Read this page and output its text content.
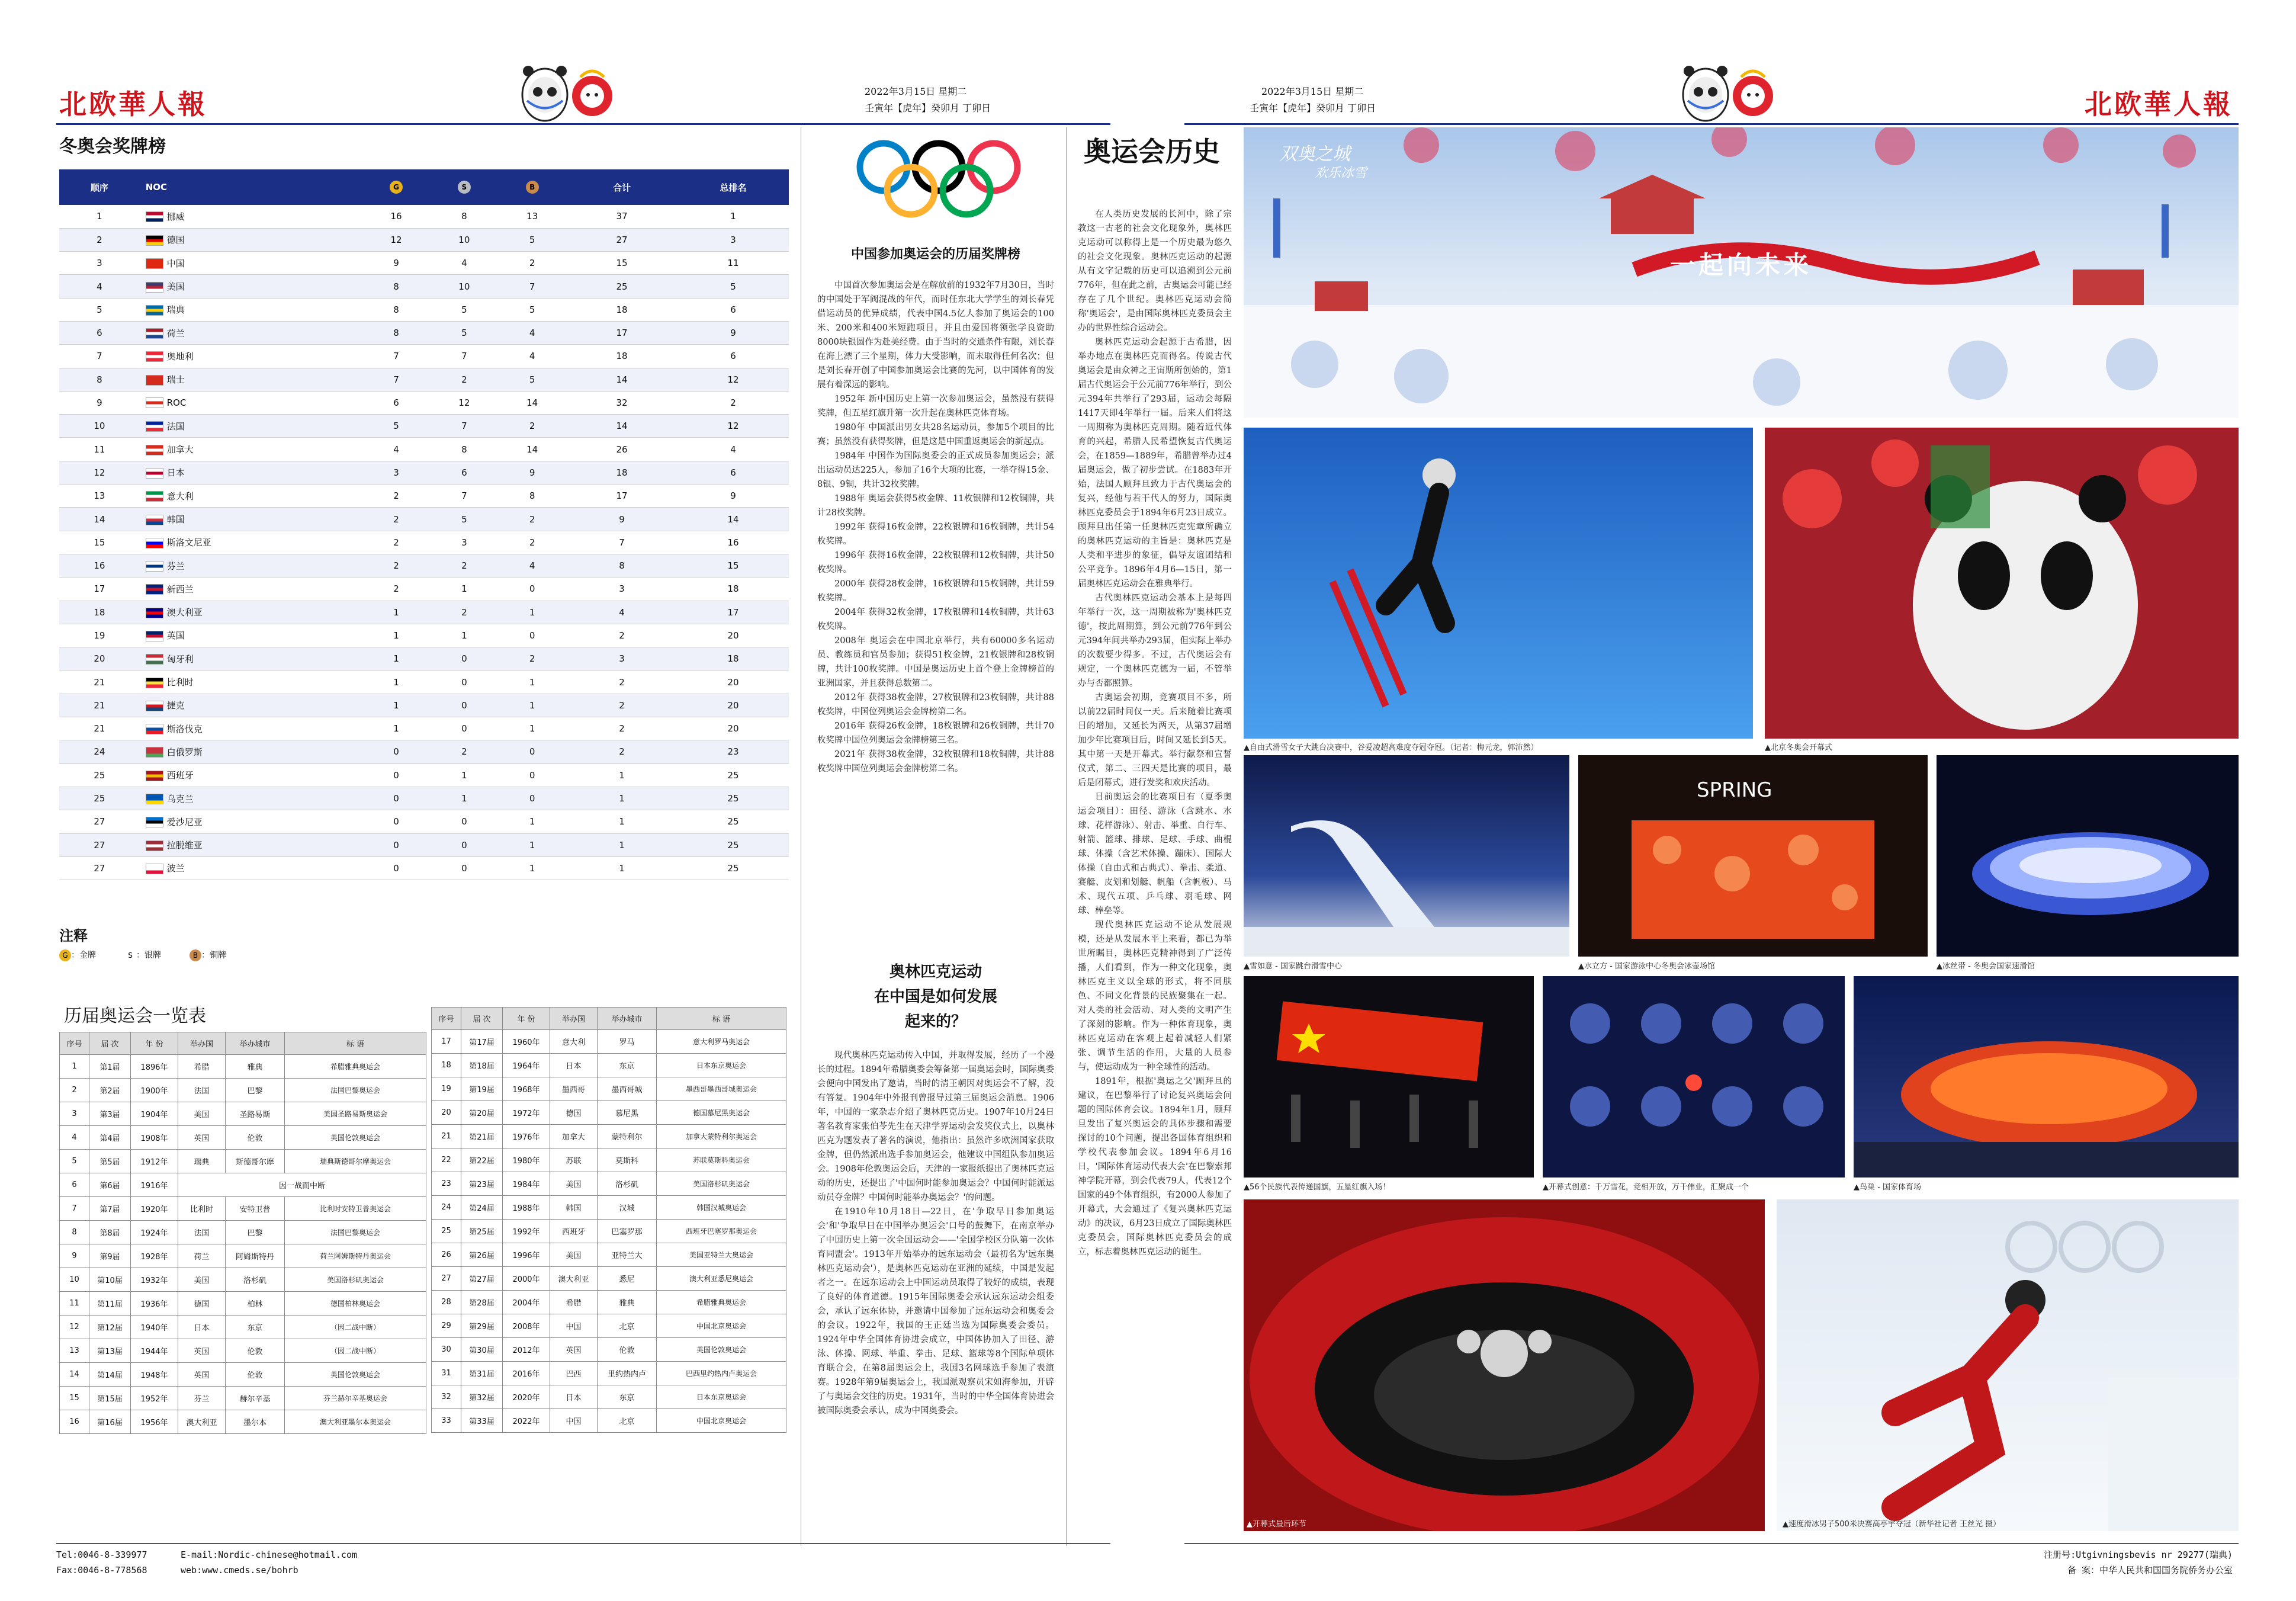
北欧華人報	2022年3月15日 星期二
壬寅年【虎年】癸卯月 丁卯日
2022年3月15日 星期二
壬寅年【虎年】癸卯月 丁卯日	北欧華人報
冬奥会奖牌榜
顺序	NOC	G	S	B	合计	总排名
1	挪威	16	8	13	37	1
2	德国	12	10	5	27	3
3	中国	9	4	2	15	11
4	美国	8	10	7	25	5
5	瑞典	8	5	5	18	6
6	荷兰	8	5	4	17	9
7	奥地利	7	7	4	18	6
8	瑞士	7	2	5	14	12
9	ROC	6	12	14	32	2
10	法国	5	7	2	14	12
11	加拿大	4	8	14	26	4
12	日本	3	6	9	18	6
13	意大利	2	7	8	17	9
14	韩国	2	5	2	9	14
15	斯洛文尼亚	2	3	2	7	16
16	芬兰	2	2	4	8	15
17	新西兰	2	1	0	3	18
18	澳大利亚	1	2	1	4	17
19	英国	1	1	0	2	20
20	匈牙利	1	0	2	3	18
21	比利时	1	0	1	2	20
21	捷克	1	0	1	2	20
21	斯洛伐克	1	0	1	2	20
24	白俄罗斯	0	2	0	2	23
25	西班牙	0	1	0	1	25
25	乌克兰	0	1	0	1	25
27	爱沙尼亚	0	0	1	1	25
27	拉脱维亚	0	0	1	1	25
27	波兰	0	0	1	1	25
注释
G ：金牌	S ：银牌	B ：铜牌
历届奥运会一览表
序号	届 次	年 份	举办国	举办城市	标 语
1	第1届	1896年	希腊	雅典	希腊雅典奥运会
2	第2届	1900年	法国	巴黎	法国巴黎奥运会
3	第3届	1904年	美国	圣路易斯	美国圣路易斯奥运会
4	第4届	1908年	英国	伦敦	英国伦敦奥运会
5	第5届	1912年	瑞典	斯德哥尔摩	瑞典斯德哥尔摩奥运会
6	第6届	1916年	因一战而中断		
7	第7届	1920年	比利时	安特卫普	比利时安特卫普奥运会
8	第8届	1924年	法国	巴黎	法国巴黎奥运会
9	第9届	1928年	荷兰	阿姆斯特丹	荷兰阿姆斯特丹奥运会
10	第10届	1932年	美国	洛杉矶	美国洛杉矶奥运会
11	第11届	1936年	德国	柏林	德国柏林奥运会
12	第12届	1940年	日本	东京	（因二战中断）
13	第13届	1944年	英国	伦敦	（因二战中断）
14	第14届	1948年	英国	伦敦	英国伦敦奥运会
15	第15届	1952年	芬兰	赫尔辛基	芬兰赫尔辛基奥运会
16	第16届	1956年	澳大利亚	墨尔本	澳大利亚墨尔本奥运会
序号	届 次	年 份	举办国	举办城市	标 语
17	第17届	1960年	意大利	罗马	意大利罗马奥运会
18	第18届	1964年	日本	东京	日本东京奥运会
19	第19届	1968年	墨西哥	墨西哥城	墨西哥墨西哥城奥运会
20	第20届	1972年	德国	慕尼黑	德国慕尼黑奥运会
21	第21届	1976年	加拿大	蒙特利尔	加拿大蒙特利尔奥运会
22	第22届	1980年	苏联	莫斯科	苏联莫斯科奥运会
23	第23届	1984年	美国	洛杉矶	美国洛杉矶奥运会
24	第24届	1988年	韩国	汉城	韩国汉城奥运会
25	第25届	1992年	西班牙	巴塞罗那	西班牙巴塞罗那奥运会
26	第26届	1996年	美国	亚特兰大	美国亚特兰大奥运会
27	第27届	2000年	澳大利亚	悉尼	澳大利亚悉尼奥运会
28	第28届	2004年	希腊	雅典	希腊雅典奥运会
29	第29届	2008年	中国	北京	中国北京奥运会
30	第30届	2012年	英国	伦敦	英国伦敦奥运会
31	第31届	2016年	巴西	里约热内卢	巴西里约热内卢奥运会
32	第32届	2020年	日本	东京	日本东京奥运会
33	第33届	2022年	中国	北京	中国北京奥运会
中国参加奥运会的历届奖牌榜

中国首次参加奥运会是在解放前的1932年7月30日，当时的中国处于军阀混战的年代，而时任东北大学学生的刘长春凭借运动员的优异成绩，代表中国4.5亿人参加了奥运会的100米、200米和400米短跑项目，并且由爱国将领张学良资助8000块银圆作为赴美经费。由于当时的交通条件有限，刘长春在海上漂了三个星期，体力大受影响，而未取得任何名次；但是刘长春开创了中国参加奥运会比赛的先河，以中国体育的发展有着深远的影响。

1952年 新中国历史上第一次参加奥运会，虽然没有获得奖牌，但五星红旗升第一次升起在奥林匹克体育场。

1980年 中国派出男女共28名运动员，参加5个项目的比赛；虽然没有获得奖牌，但是这是中国重返奥运会的新起点。

1984年 中国作为国际奥委会的正式成员参加奥运会；派出运动员达225人，参加了16个大项的比赛，一举夺得15金、8银、9铜，共计32枚奖牌。

1988年 奥运会获得5枚金牌、11枚银牌和12枚铜牌，共计28枚奖牌。

1992年 获得16枚金牌，22枚银牌和16枚铜牌，共计54枚奖牌。

1996年 获得16枚金牌，22枚银牌和12枚铜牌，共计50枚奖牌。

2000年 获得28枚金牌，16枚银牌和15枚铜牌，共计59枚奖牌。

2004年 获得32枚金牌，17枚银牌和14枚铜牌，共计63枚奖牌。

2008年 奥运会在中国北京举行，共有60000多名运动员、教练员和官员参加；获得51枚金牌，21枚银牌和28枚铜牌，共计100枚奖牌。中国是奥运历史上首个登上金牌榜首的亚洲国家，并且获得总数第二。

2012年 获得38枚金牌，27枚银牌和23枚铜牌，共计88枚奖牌，中国位列奥运会金牌榜第二名。

2016年 获得26枚金牌，18枚银牌和26枚铜牌，共计70枚奖牌中国位列奥运会金牌榜第三名。

2021年 获得38枚金牌，32枚银牌和18枚铜牌，共计88枚奖牌中国位列奥运会金牌榜第二名。

奥林匹克运动
在中国是如何发展
起来的？

现代奥林匹克运动传入中国，并取得发展，经历了一个漫长的过程。1894年希腊奥委会筹备第一届奥运会时，国际奥委会便向中国发出了邀请，当时的清王朝因对奥运会不了解，没有答复。1904年中外报刊曾报导过第三届奥运会消息。1906年，中国的一家杂志介绍了奥林匹克历史。1907年10月24日著名教育家张伯苓先生在天津学界运动会发奖仪式上，以奥林匹克为题发表了著名的演说，他指出：虽然许多欧洲国家获取金牌，但仍然派出选手参加奥运会，他建议中国组队参加奥运会。1908年伦敦奥运会后，天津的一家报纸提出了奥林匹克运动的历史，还提出了'中国何时能参加奥运会？中国何时能派运动员夺金牌？中国何时能举办奥运会？'的问题。

在1910年10月18日—22日，在'争取早日参加奥运会'和'争取早日在中国举办奥运会'口号的鼓舞下，在南京举办了中国历史上第一次全国运动会——'全国学校区分队第一次体育同盟会'。1913年开始举办的远东运动会（最初名为'远东奥林匹克运动会'），是奥林匹克运动在亚洲的延续，中国是发起者之一。在远东运动会上中国运动员取得了较好的成绩，表现了良好的体育道德。1915年国际奥委会承认远东运动会组委会，承认了远东体协，并邀请中国参加了远东运动会和奥委会的会议。1922年，我国的王正廷当选为国际奥委会委员。1924年中华全国体育协进会成立，中国体协加入了田径、游泳、体操、网球、举重、拳击、足球、篮球等8个国际单项体育联合会，在第8届奥运会上，我国3名网球选手参加了表演赛。1928年第9届奥运会上，我国派观察员宋如海参加，开辟了与奥运会交往的历史。1931年，当时的中华全国体育协进会被国际奥委会承认，成为中国奥委会。

奥运会历史

在人类历史发展的长河中，除了宗教这一古老的社会文化现象外，奥林匹克运动可以称得上是一个历史最为悠久的社会文化现象。奥林匹克运动的起源从有文字记载的历史可以追溯到公元前776年，但在此之前，古奥运会可能已经存在了几个世纪。奥林匹克运动会简称'奥运会'，是由国际奥林匹克委员会主办的世界性综合运动会。

奥林匹克运动会起源于古希腊，因举办地点在奥林匹克而得名。传说古代奥运会是由众神之王宙斯所创始的，第1届古代奥运会于公元前776年举行，到公元394年共举行了293届，运动会每隔1417天即4年举行一届。后来人们将这一周期称为奥林匹克周期。随着近代体育的兴起，希腊人民希望恢复古代奥运会，在1859—1889年，希腊曾举办过4届奥运会，做了初步尝试。在1883年开始，法国人顾拜旦致力于古代奥运会的复兴，经他与若干代人的努力，国际奥林匹克委员会于1894年6月23日成立。顾拜旦出任第一任奥林匹克宪章所确立的奥林匹克运动的主旨是：奥林匹克是人类和平进步的象征，倡导友谊团结和公平竞争。1896年4月6—15日，第一届奥林匹克运动会在雅典举行。

古代奥林匹克运动会基本上是每四年举行一次，这一周期被称为'奥林匹克德'，按此周期算，到公元前776年到公元394年间共举办293届，但实际上举办的次数要少得多。不过，古代奥运会有规定，一个奥林匹克德为一届，不管举办与否都照算。

古奥运会初期，竞赛项目不多，所以前22届时间仅一天。后来随着比赛项目的增加，又延长为两天，从第37届增加少年比赛项目后，时间又延长到5天。其中第一天是开幕式。举行献祭和宣誓仪式，第二、三四天是比赛的项目，最后是闭幕式，进行发奖和欢庆活动。

目前奥运会的比赛项目有（夏季奥运会项目）：田径、游泳（含跳水、水球、花样游泳）、射击、举重、自行车、射箭、篮球、排球、足球、手球、曲棍球、体操（含艺术体操、蹦床）、国际大体操（自由式和古典式）、拳击、柔道、赛艇、皮划和划艇、帆船（含帆板）、马术、现代五项、乒乓球、羽毛球、网球、棒垒等。

现代奥林匹克运动不论从发展规模，还是从发展水平上来看，都已为举世所瞩目，奥林匹克精神得到了广泛传播，人们看到，作为一种文化现象，奥林匹克主义以全球的形式，将不同肤色、不同文化背景的民族聚集在一起。对人类的社会活动、对人类的文明产生了深刻的影响。作为一种体育现象，奥林匹克运动在客观上起着减轻人们紧张、调节生活的作用，大量的人员参与，使运动成为一种全球性的活动。

1891年，根据'奥运之父'顾拜旦的建议，在巴黎举行了讨论复兴奥运会问题的国际体育会议。1894年1月，顾拜旦发出了复兴奥运会的具体步骤和需要探讨的10个问题，提出各国体育组织和学校代表参加会议。1894年6月16日，'国际体育运动代表大会'在巴黎索邦神学院开幕，到会代表79人，代表12个国家的49个体育组织，有2000人参加了开幕式，大会通过了《复兴奥林匹克运动》的决议，6月23日成立了国际奥林匹克委员会，国际奥林匹克委员会的成立，标志着奥林匹克运动的诞生。

双奥之城
欢乐冰雪
一起向未来
▲自由式滑雪女子大跳台决赛中，谷爱凌超高难度夺冠夺冠。（记者：梅元龙，郭沛然）	▲北京冬奥会开幕式
▲雪如意 - 国家跳台滑雪中心
SPRING
▲水立方 - 国家游泳中心冬奥会冰壶场馆	▲冰丝带 - 冬奥会国家速滑馆
▲56个民族代表传递国旗，五星红旗入场！	▲开幕式创意：千万雪花，竞相开放，万千伟业，汇聚成一个	▲鸟巢 - 国家体育场
▲开幕式最后环节	▲速度滑冰男子500米决赛高亭宇夺冠（新华社记者 王丝光 摄）
Tel:0046-8-339977
Fax:0046-8-778568
E-mail:Nordic-chinese@hotmail.com
web:www.cmeds.se/bohrb
注册号:Utgivningsbevis nr 29277(瑞典)
备 案：中华人民共和国国务院侨务办公室
